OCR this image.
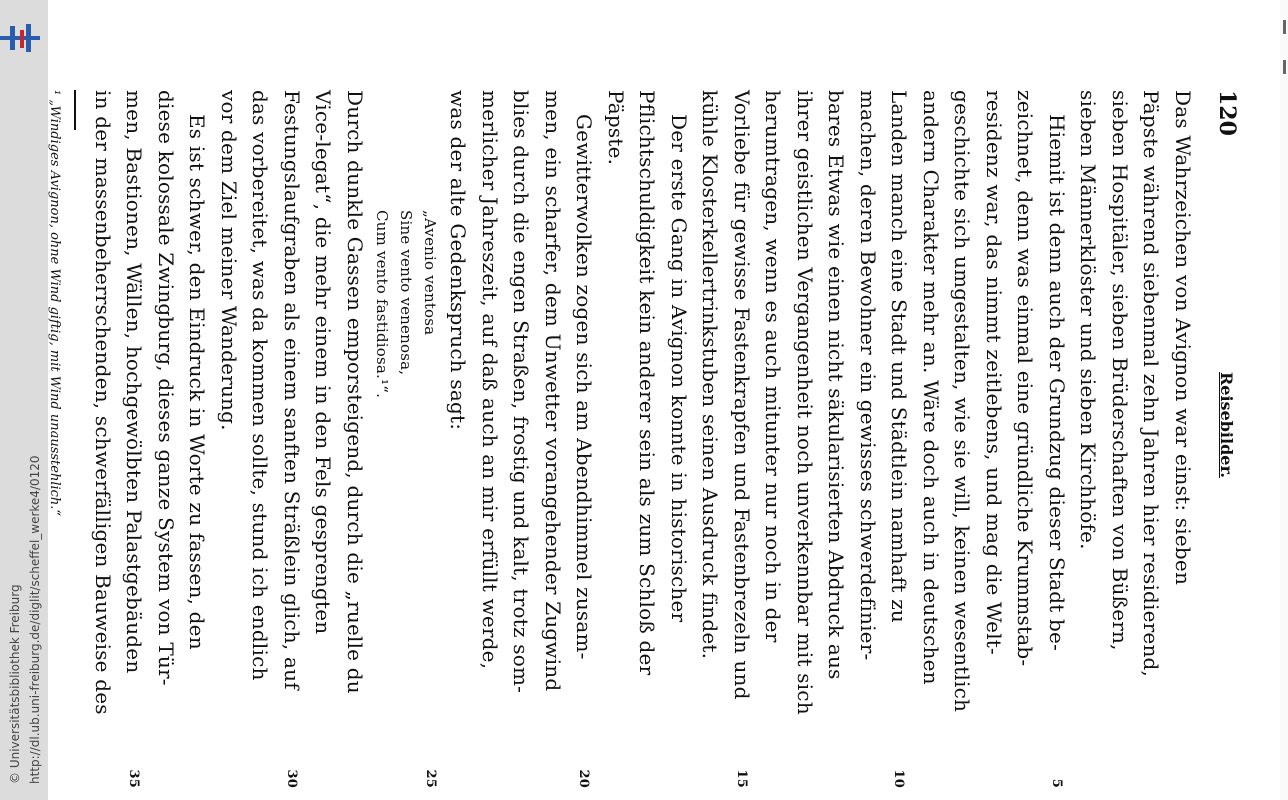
http://dl.ub.uni-freiburg.de/diglit/scheffel_werke4/0120
© Universitätsbibliothek Freiburg
120
Reisebilder.
Das Wahrzeichen von Avignon war einst: sieben
Päpste während siebenmal zehn Jahren hier residierend,
sieben Hospitäler, sieben Brüderschaften von Büßern,
sieben Männerklöster und sieben Kirchhöfe.
Hiemit ist denn auch der Grundzug dieser Stadt be-
5
zeichnet, denn was einmal eine gründliche Krummstab-
residenz war, das nimmt zeitlebens, und mag die Welt-
geschichte sich umgestalten, wie sie will, keinen wesentlich
andern Charakter mehr an. Wäre doch auch in deutschen
Landen manch eine Stadt und Städtlein namhaft zu
10
machen, deren Bewohner ein gewisses schwerdefinier-
bares Etwas wie einen nicht säkularisierten Abdruck aus
ihrer geistlichen Vergangenheit noch unverkennbar mit sich
herumtragen, wenn es auch mitunter nur noch in der
Vorliebe für gewisse Fastenkrapfen und Fastenbrezeln und
15
kühle Klosterkellertrinkstuben seinen Ausdruck findet.
Der erste Gang in Avignon konnte in historischer
Pflichtschuldigkeit kein anderer sein als zum Schloß der
Päpste.
Gewitterwolken zogen sich am Abendhimmel zusam-
20
men, ein scharfer, dem Unwetter vorangehender Zugwind
blies durch die engen Straßen, frostig und kalt, trotz som-
merlicher Jahreszeit, auf daß auch an mir erfüllt werde,
was der alte Gedenkspruch sagt:
„Avenio ventosa
25
Sine vento venenosa,
Cum vento fastidiosa.¹“.
Durch dunkle Gassen emporsteigend, durch die „ruelle du
Vice-legat“, die mehr einem in den Fels gesprengten
Festungslaufgraben als einem sanften Sträßlein glich, auf
30
das vorbereitet, was da kommen sollte, stund ich endlich
vor dem Ziel meiner Wanderung.
Es ist schwer, den Eindruck in Worte zu fassen, den
diese kolossale Zwingburg, dieses ganze System von Tür-
men, Bastionen, Wällen, hochgewölbten Palastgebäuden
35
in der massenbeherrschenden, schwerfälligen Bauweise des
¹ „Windiges Avignon, ohne Wind giftig, mit Wind unausstehlich.“
